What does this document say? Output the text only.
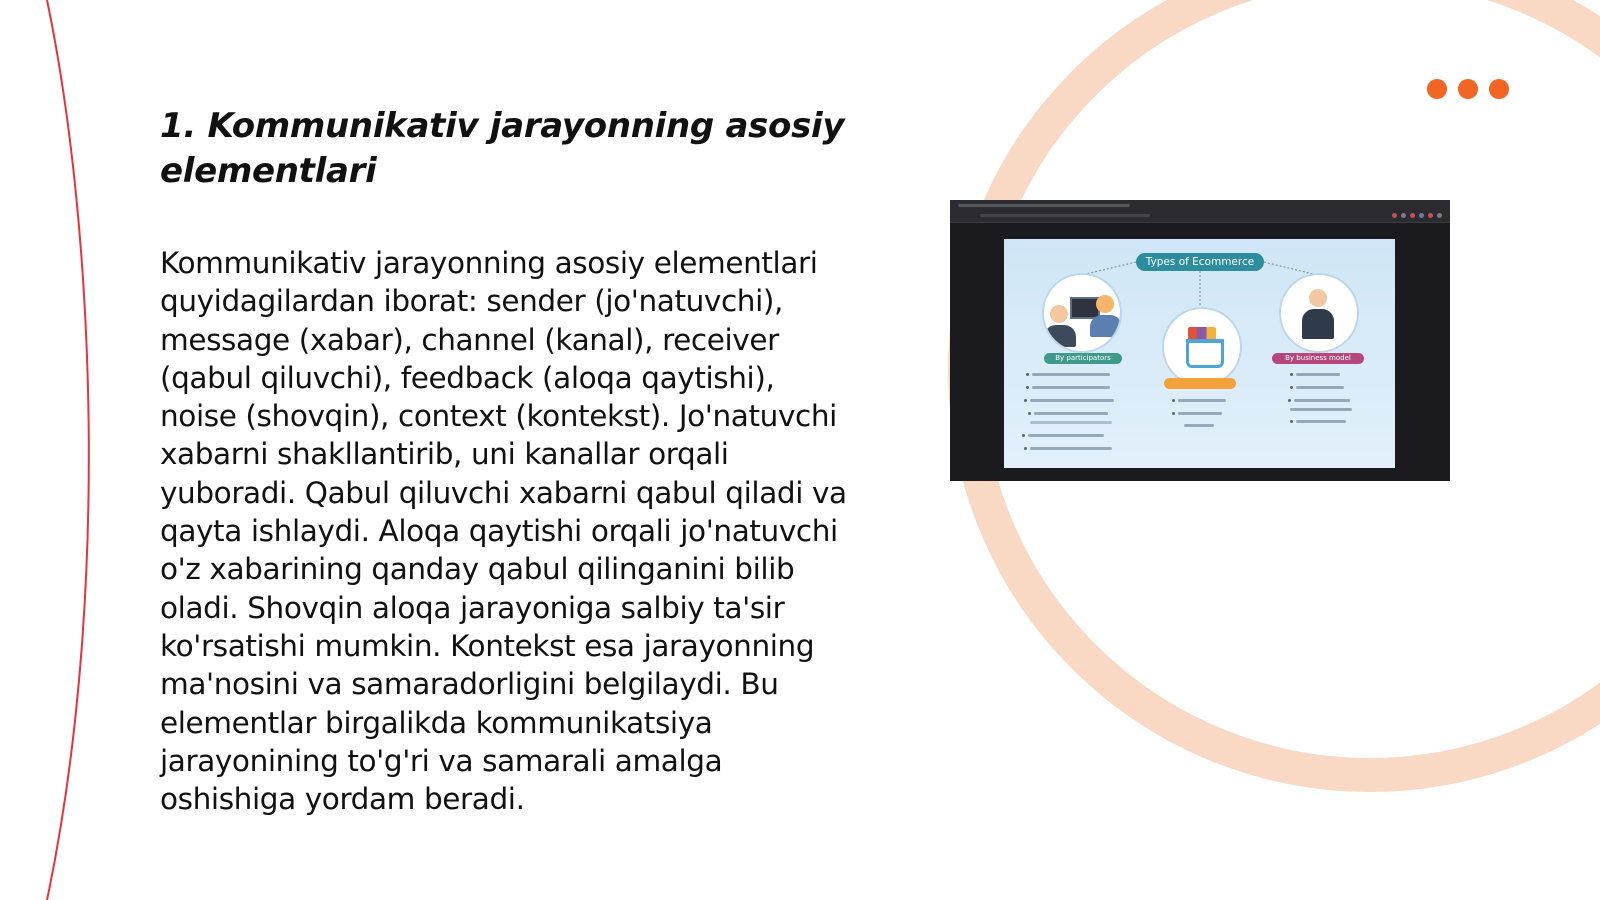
1. Kommunikativ jarayonning asosiy elementlari

Kommunikativ jarayonning asosiy elementlari quyidagilardan iborat: sender (jo'natuvchi), message (xabar), channel (kanal), receiver (qabul qiluvchi), feedback (aloqa qaytishi), noise (shovqin), context (kontekst). Jo'natuvchi xabarni shakllantirib, uni kanallar orqali yuboradi. Qabul qiluvchi xabarni qabul qiladi va qayta ishlaydi. Aloqa qaytishi orqali jo'natuvchi o'z xabarining qanday qabul qilinganini bilib oladi. Shovqin aloqa jarayoniga salbiy ta'sir ko'rsatishi mumkin. Kontekst esa jarayonning ma'nosini va samaradorligini belgilaydi. Bu elementlar birgalikda kommunikatsiya jarayonining to'g'ri va samarali amalga oshishiga yordam beradi.

Types of Ecommerce
By participators	By business model
